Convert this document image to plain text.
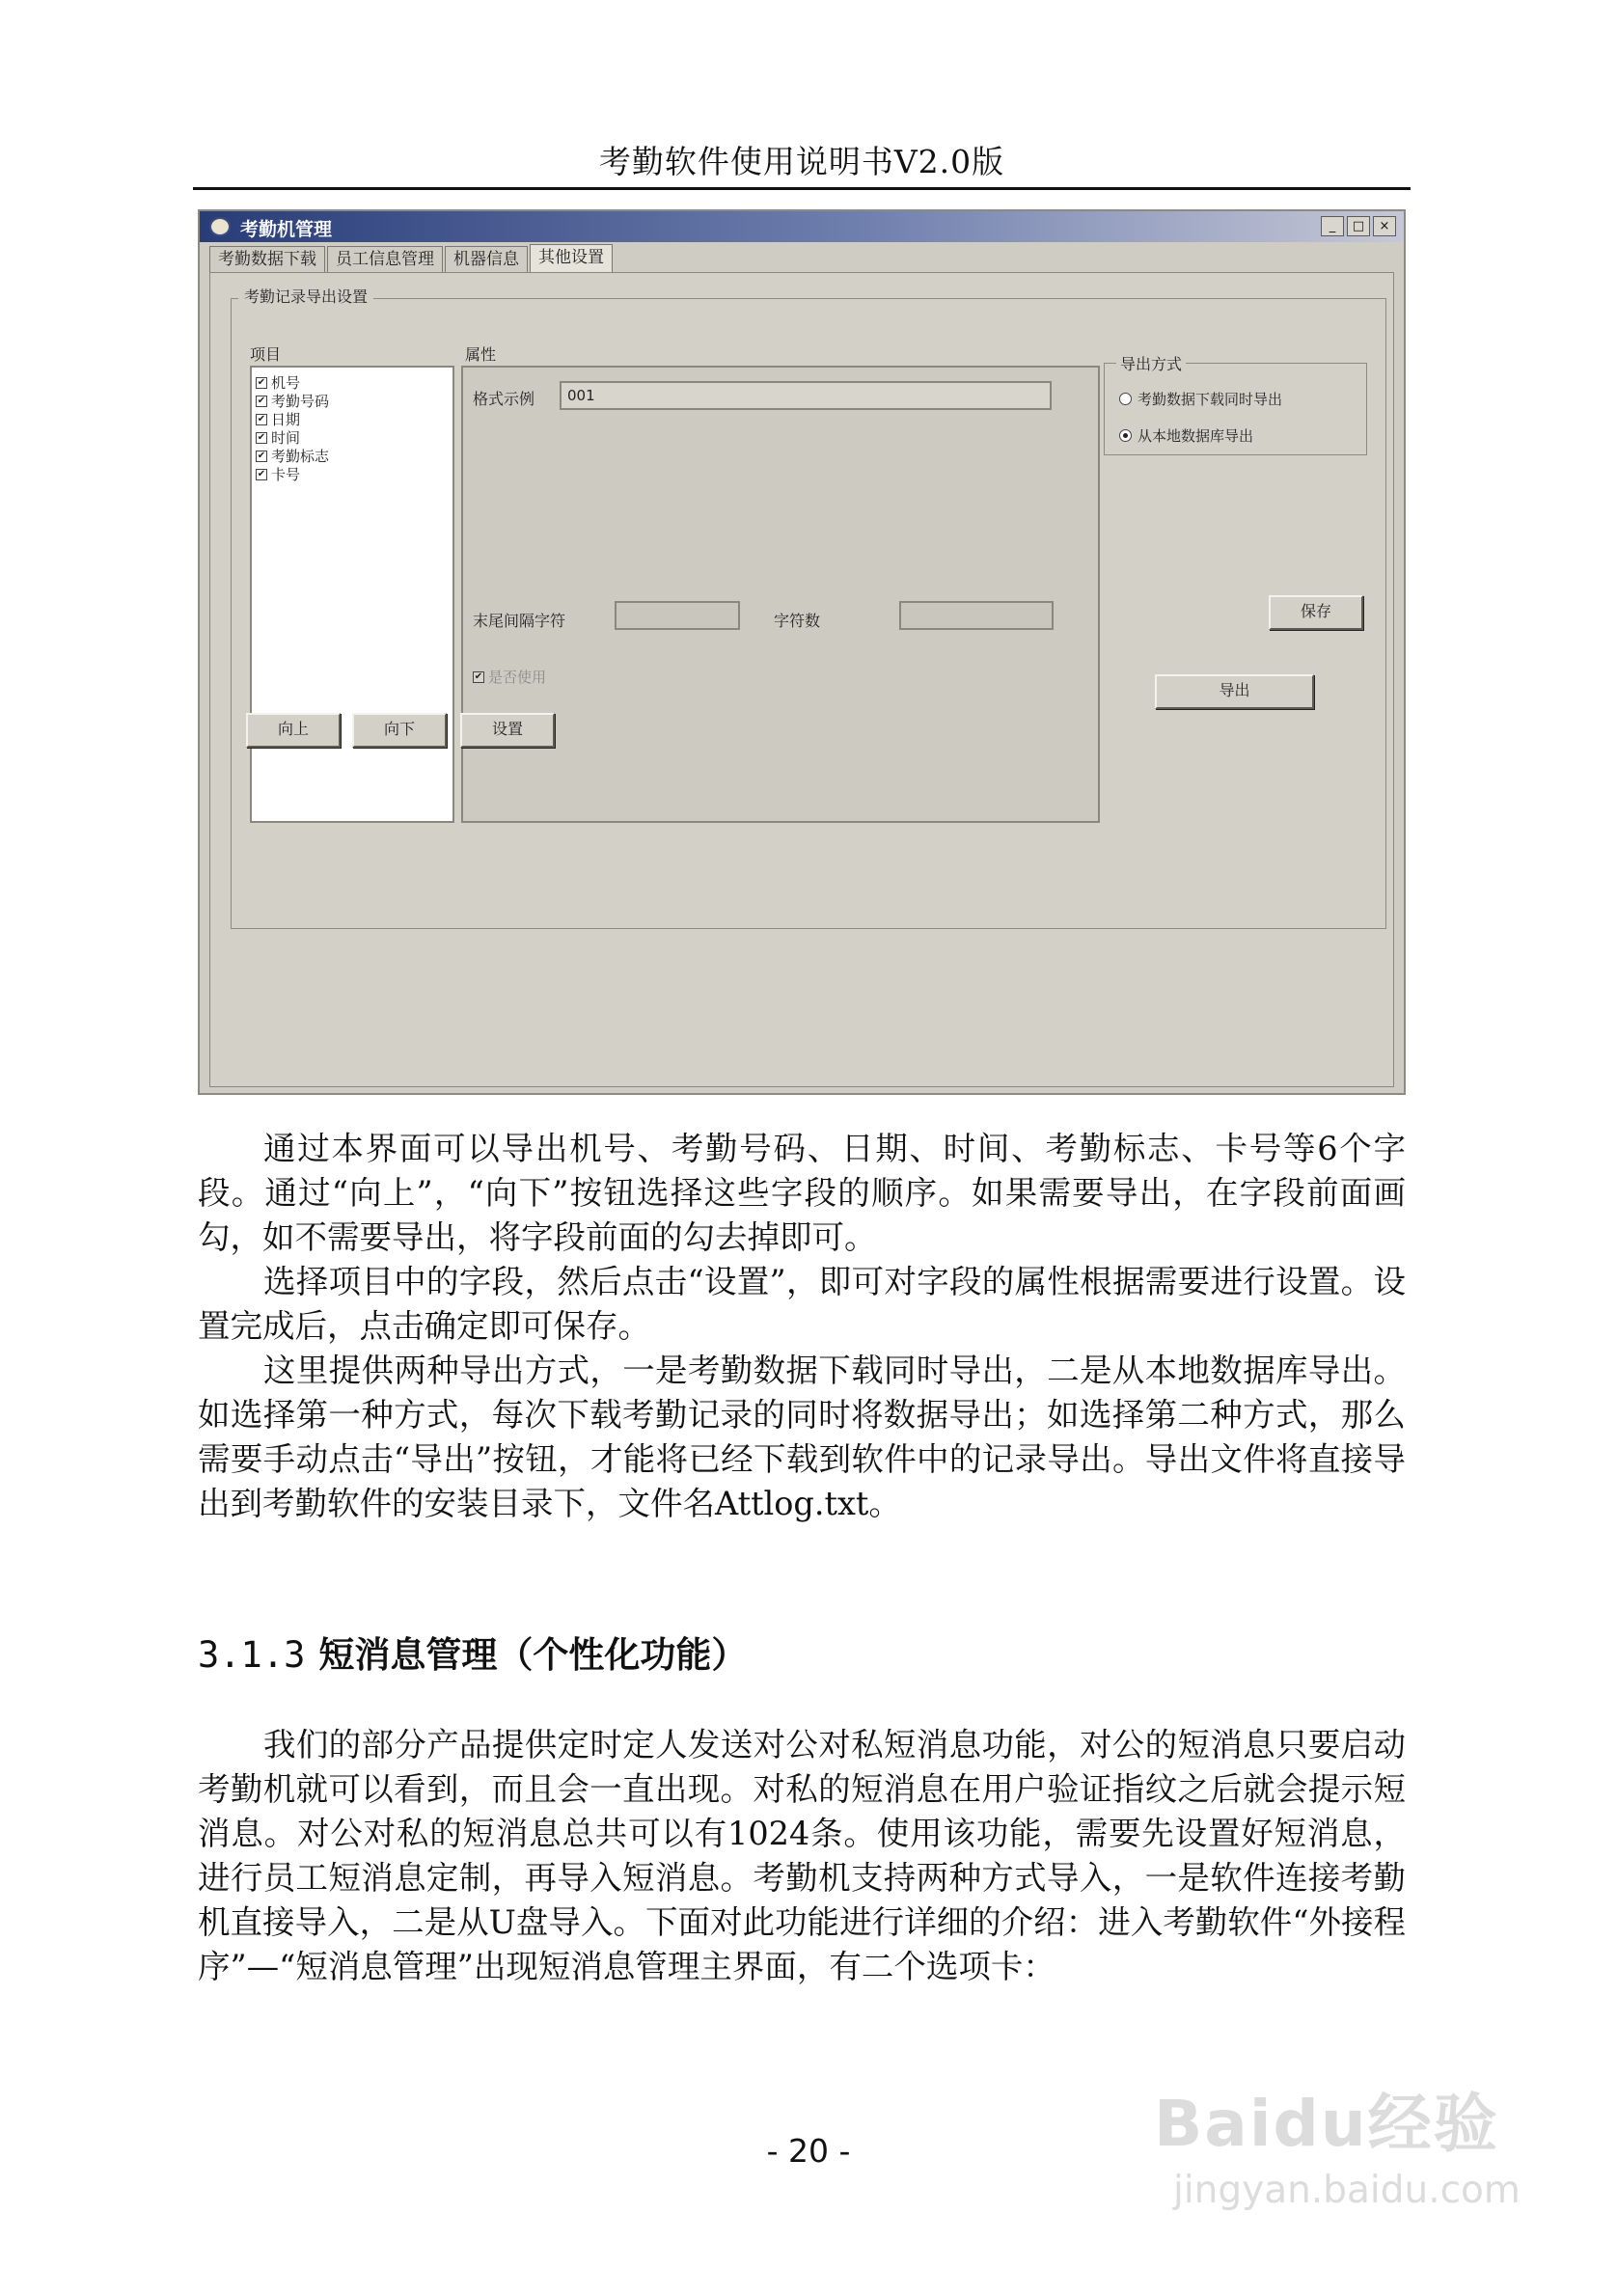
考勤软件使用说明书V2.0版
考勤机管理	_	□	×
考勤数据下载	员工信息管理	机器信息	其他设置
考勤记录导出设置
项目	属性
✔ 机号
✔ 考勤号码
✔ 日期
✔ 时间
✔ 考勤标志
✔ 卡号
格式示例	001
末尾间隔字符	字符数
✔ 是否使用
导出方式
考勤数据下载同时导出
从本地数据库导出
保存
导出
向上	向下	设置

通过本界面可以导出机号、考勤号码、日期、时间、考勤标志、卡号等6个字段。通过“向上”，“向下”按钮选择这些字段的顺序。如果需要导出，在字段前面画勾，如不需要导出，将字段前面的勾去掉即可。

选择项目中的字段，然后点击“设置”，即可对字段的属性根据需要进行设置。设置完成后，点击确定即可保存。

这里提供两种导出方式，一是考勤数据下载同时导出，二是从本地数据库导出。如选择第一种方式，每次下载考勤记录的同时将数据导出；如选择第二种方式，那么需要手动点击“导出”按钮，才能将已经下载到软件中的记录导出。导出文件将直接导出到考勤软件的安装目录下，文件名Attlog.txt。

3.1.3 短消息管理（个性化功能）

我们的部分产品提供定时定人发送对公对私短消息功能，对公的短消息只要启动考勤机就可以看到，而且会一直出现。对私的短消息在用户验证指纹之后就会提示短消息。对公对私的短消息总共可以有1024条。使用该功能，需要先设置好短消息，进行员工短消息定制，再导入短消息。考勤机支持两种方式导入，一是软件连接考勤机直接导入，二是从U盘导入。下面对此功能进行详细的介绍：进入考勤软件“外接程序”—“短消息管理”出现短消息管理主界面，有二个选项卡：

- 20 -	Baidu经验
jingyan.baidu.com
